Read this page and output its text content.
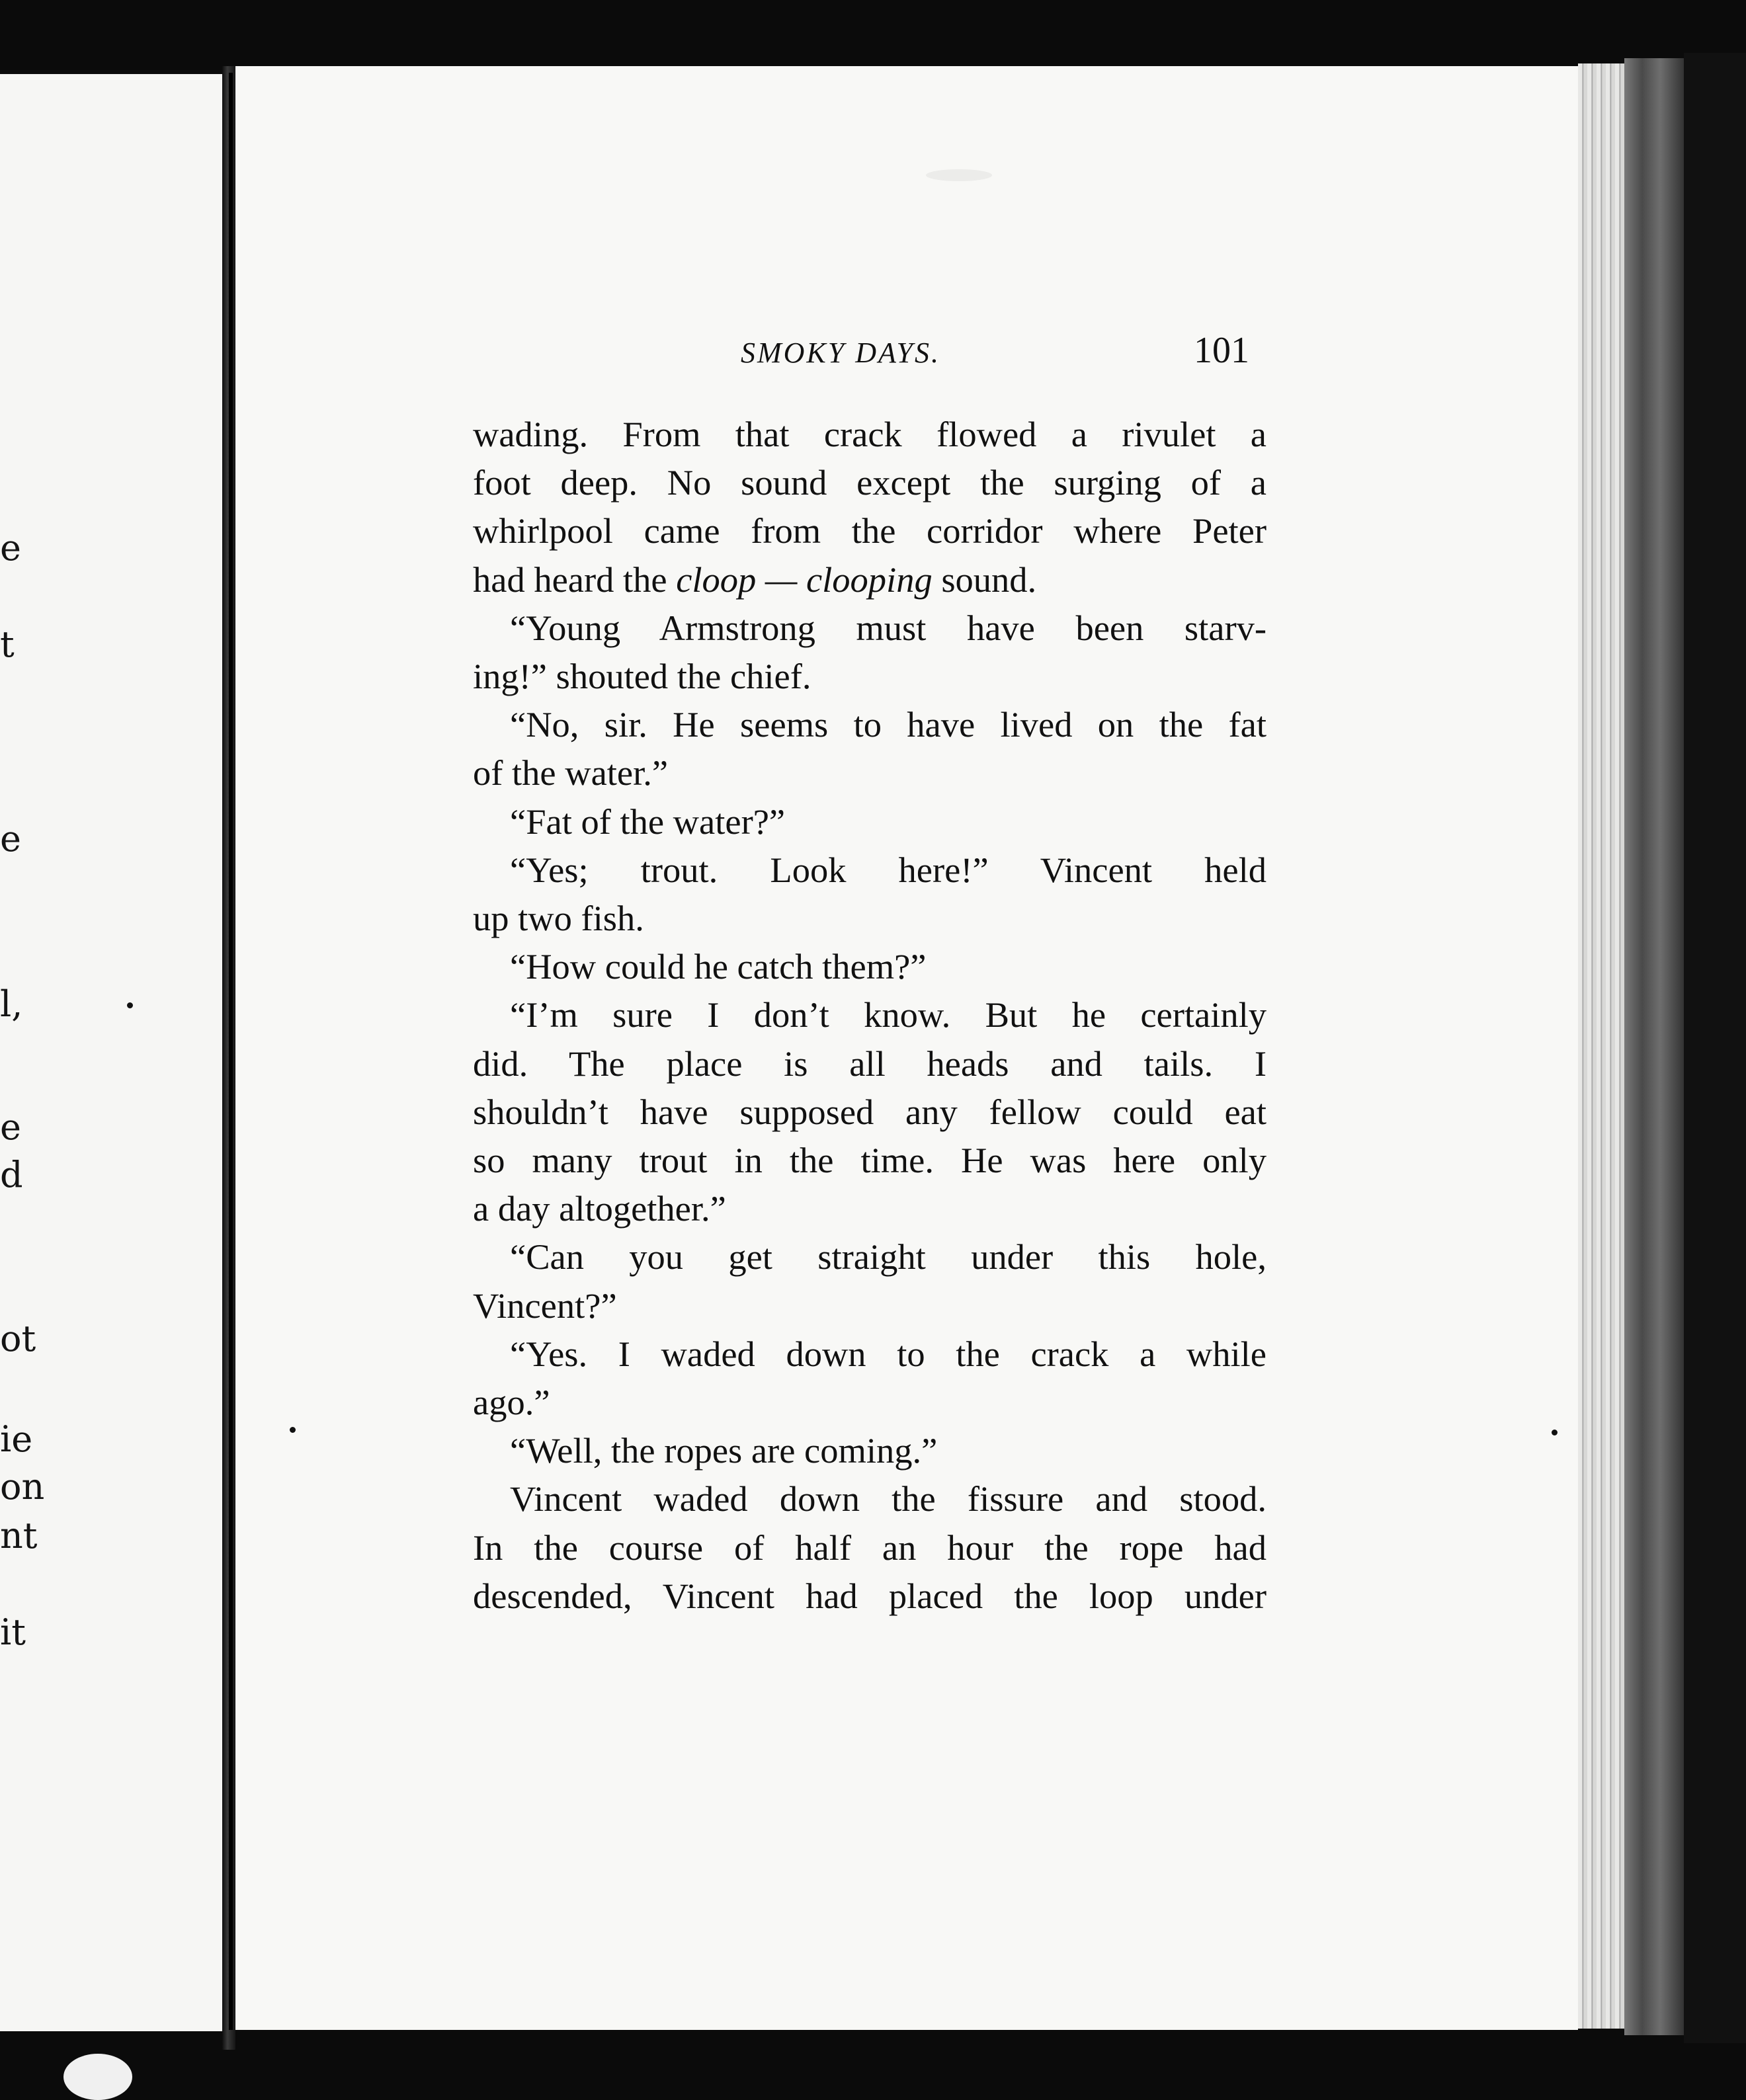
e
t
e
l,
e
d
ot
ie
on
nt
it
SMOKY DAYS.	101
wading. From that crack flowed a rivulet a
foot deep. No sound except the surging of a
whirlpool came from the corridor where Peter
had heard the cloop — clooping sound.
“Young Armstrong must have been starv-
ing!” shouted the chief.
“No, sir. He seems to have lived on the fat
of the water.”
“Fat of the water?”
“Yes; trout. Look here!” Vincent held
up two fish.
“How could he catch them?”
“I’m sure I don’t know. But he certainly
did. The place is all heads and tails. I
shouldn’t have supposed any fellow could eat
so many trout in the time. He was here only
a day altogether.”
“Can you get straight under this hole,
Vincent?”
“Yes. I waded down to the crack a while
ago.”
“Well, the ropes are coming.”
Vincent waded down the fissure and stood.
In the course of half an hour the rope had
descended, Vincent had placed the loop under
